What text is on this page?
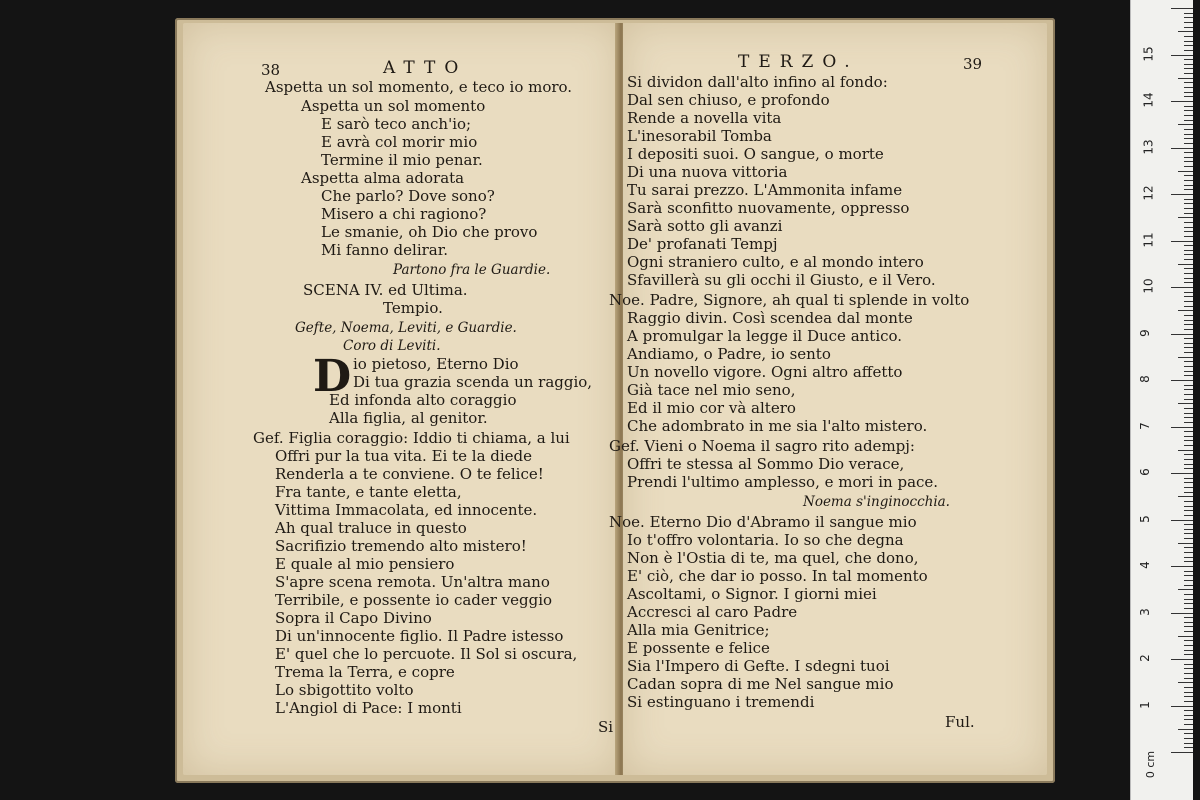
38	ATTO
D
Si
Aspetta un sol momento, e teco io moro.
Aspetta un sol momento
E sarò teco anch'io;
E avrà col morir mio
Termine il mio penar.
Aspetta alma adorata
Che parlo? Dove sono?
Misero a chi ragiono?
Le smanie, oh Dio che provo
Mi fanno delirar.
Partono fra le Guardie.
SCENA IV. ed Ultima.
Tempio.
Gefte, Noema, Leviti, e Guardie.
Coro di Leviti.
io pietoso, Eterno Dio
Di tua grazia scenda un raggio,
Ed infonda alto coraggio
Alla figlia, al genitor.
Gef. Figlia coraggio: Iddio ti chiama, a lui
Offri pur la tua vita. Ei te la diede
Renderla a te conviene. O te felice!
Fra tante, e tante eletta,
Vittima Immacolata, ed innocente.
Ah qual traluce in questo
Sacrifizio tremendo alto mistero!
E quale al mio pensiero
S'apre scena remota. Un'altra mano
Terribile, e possente io cader veggio
Sopra il Capo Divino
Di un'innocente figlio. Il Padre istesso
E' quel che lo percuote. Il Sol si oscura,
Trema la Terra, e copre
Lo sbigottito volto
L'Angiol di Pace: I monti
TERZO.	39
Ful.
Si dividon dall'alto infino al fondo:
Dal sen chiuso, e profondo
Rende a novella vita
L'inesorabil Tomba
I depositi suoi. O sangue, o morte
Di una nuova vittoria
Tu sarai prezzo. L'Ammonita infame
Sarà sconfitto nuovamente, oppresso
Sarà sotto gli avanzi
De' profanati Tempj
Ogni straniero culto, e al mondo intero
Sfavillerà su gli occhi il Giusto, e il Vero.
Noe. Padre, Signore, ah qual ti splende in volto
Raggio divin. Così scendea dal monte
A promulgar la legge il Duce antico.
Andiamo, o Padre, io sento
Un novello vigore. Ogni altro affetto
Già tace nel mio seno,
Ed il mio cor và altero
Che adombrato in me sia l'alto mistero.
Gef. Vieni o Noema il sagro rito adempj:
Offri te stessa al Sommo Dio verace,
Prendi l'ultimo amplesso, e mori in pace.
Noema s'inginocchia.
Noe. Eterno Dio d'Abramo il sangue mio
Io t'offro volontaria. Io so che degna
Non è l'Ostia di te, ma quel, che dono,
E' ciò, che dar io posso. In tal momento
Ascoltami, o Signor. I giorni miei
Accresci al caro Padre
Alla mia Genitrice;
E possente e felice
Sia l'Impero di Gefte. I sdegni tuoi
Cadan sopra di me Nel sangue mio
Si estinguano i tremendi
0 cm
1
2
3
4
5
6
7
8
9
10
11
12
13
14
15
